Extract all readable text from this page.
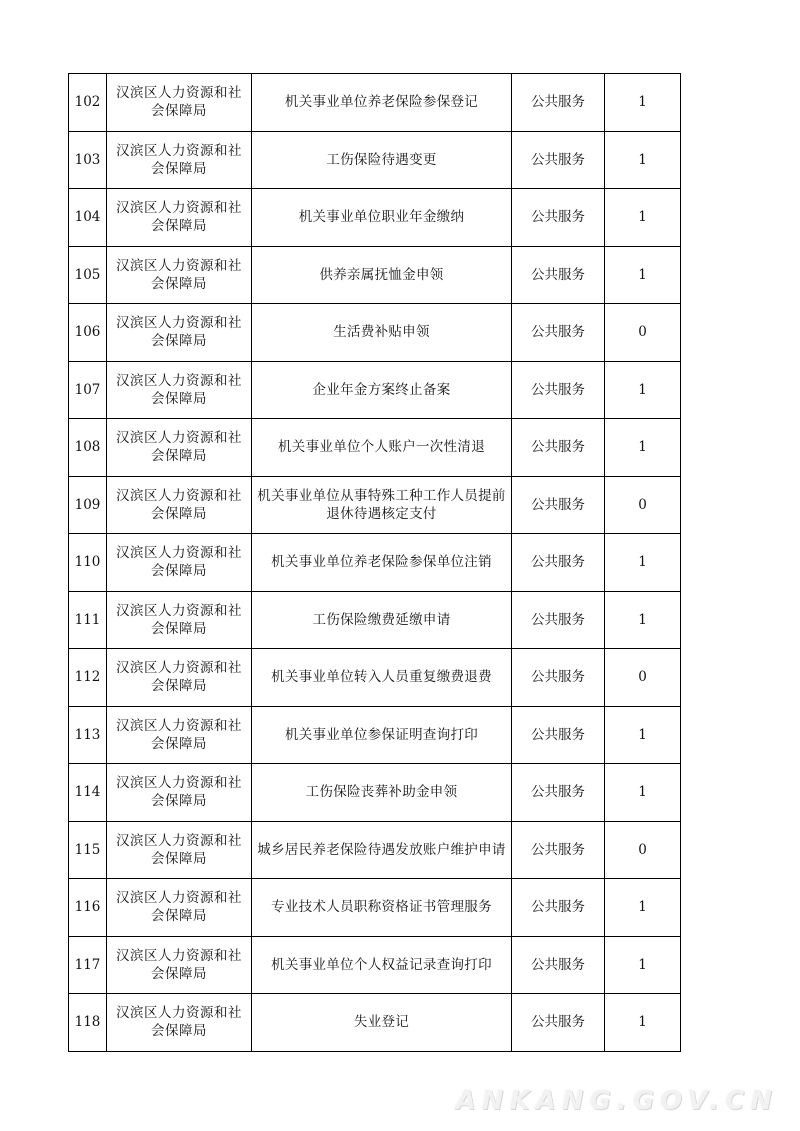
102	汉滨区人力资源和社会保障局	机关事业单位养老保险参保登记	公共服务	1
103	汉滨区人力资源和社会保障局	工伤保险待遇变更	公共服务	1
104	汉滨区人力资源和社会保障局	机关事业单位职业年金缴纳	公共服务	1
105	汉滨区人力资源和社会保障局	供养亲属抚恤金申领	公共服务	1
106	汉滨区人力资源和社会保障局	生活费补贴申领	公共服务	0
107	汉滨区人力资源和社会保障局	企业年金方案终止备案	公共服务	1
108	汉滨区人力资源和社会保障局	机关事业单位个人账户一次性清退	公共服务	1
109	汉滨区人力资源和社会保障局	机关事业单位从事特殊工种工作人员提前退休待遇核定支付	公共服务	0
110	汉滨区人力资源和社会保障局	机关事业单位养老保险参保单位注销	公共服务	1
111	汉滨区人力资源和社会保障局	工伤保险缴费延缴申请	公共服务	1
112	汉滨区人力资源和社会保障局	机关事业单位转入人员重复缴费退费	公共服务	0
113	汉滨区人力资源和社会保障局	机关事业单位参保证明查询打印	公共服务	1
114	汉滨区人力资源和社会保障局	工伤保险丧葬补助金申领	公共服务	1
115	汉滨区人力资源和社会保障局	城乡居民养老保险待遇发放账户维护申请	公共服务	0
116	汉滨区人力资源和社会保障局	专业技术人员职称资格证书管理服务	公共服务	1
117	汉滨区人力资源和社会保障局	机关事业单位个人权益记录查询打印	公共服务	1
118	汉滨区人力资源和社会保障局	失业登记	公共服务	1
ANKANG.GOV.CN
